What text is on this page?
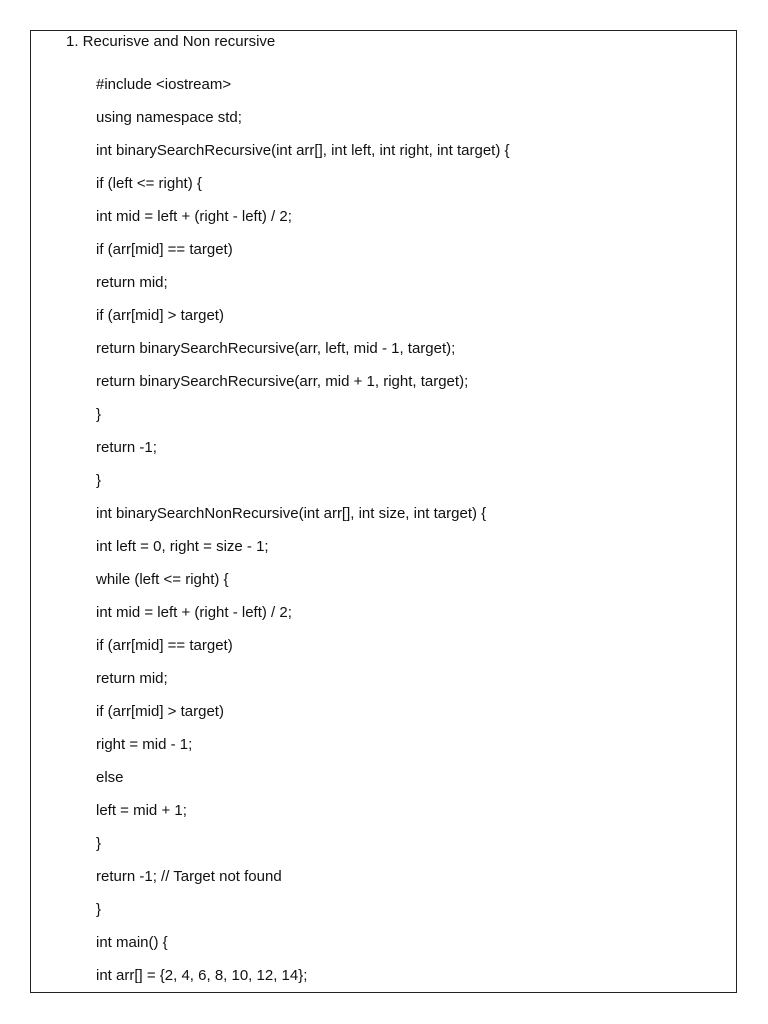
1. Recurisve and Non recursive
#include <iostream>
using namespace std;
int binarySearchRecursive(int arr[], int left, int right, int target) {
if (left <= right) {
int mid = left + (right - left) / 2;
if (arr[mid] == target)
return mid;
if (arr[mid] > target)
return binarySearchRecursive(arr, left, mid - 1, target);
return binarySearchRecursive(arr, mid + 1, right, target);
}
return -1;
}
int binarySearchNonRecursive(int arr[], int size, int target) {
int left = 0, right = size - 1;
while (left <= right) {
int mid = left + (right - left) / 2;
if (arr[mid] == target)
return mid;
if (arr[mid] > target)
right = mid - 1;
else
left = mid + 1;
}
return -1; // Target not found
}
int main() {
int arr[] = {2, 4, 6, 8, 10, 12, 14};
